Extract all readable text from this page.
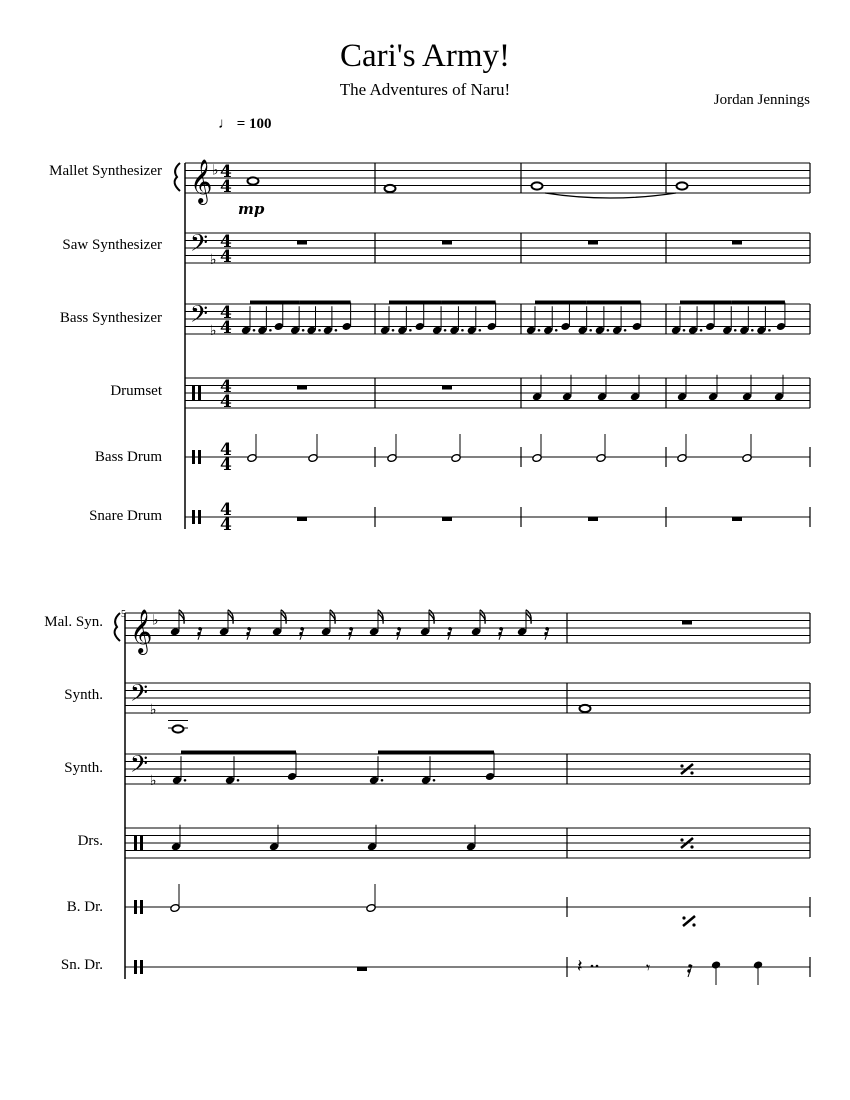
Cari's Army!
The Adventures of Naru!
Jordan Jennings
♩ = 100
Mallet Synthesizer
Saw Synthesizer
Bass Synthesizer
Drumset
Bass Drum
Snare Drum
5
Mal. Syn.
Synth.
Synth.
Drs.
B. Dr.
Sn. Dr.
𝄞 ♭ 4
4
mp
𝄢 ♭
4
4
𝄢 ♭
4
4
4
4
4
4
4
4
𝄞 ♭
𝄢 ♭
𝄢 ♭
𝄽	𝄾
